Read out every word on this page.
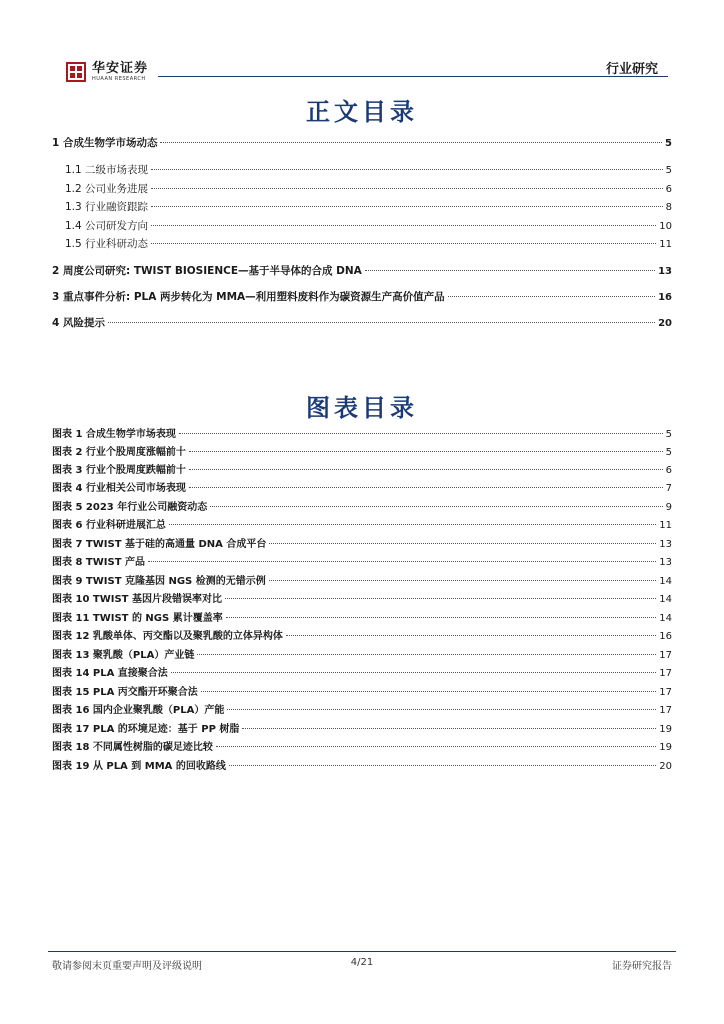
华安证券
HUAAN RESEARCH
行业研究
正文目录
1 合成生物学市场动态	5
1.1 二级市场表现	5
1.2 公司业务进展	6
1.3 行业融资跟踪	8
1.4 公司研发方向	10
1.5 行业科研动态	11
2 周度公司研究: TWIST BIOSIENCE—基于半导体的合成 DNA	13
3 重点事件分析: PLA 两步转化为 MMA—利用塑料废料作为碳资源生产高价值产品	16
4 风险提示	20
图表目录
图表 1 合成生物学市场表现	5
图表 2 行业个股周度涨幅前十	5
图表 3 行业个股周度跌幅前十	6
图表 4 行业相关公司市场表现	7
图表 5 2023 年行业公司融资动态	9
图表 6 行业科研进展汇总	11
图表 7 TWIST 基于硅的高通量 DNA 合成平台	13
图表 8 TWIST 产品	13
图表 9 TWIST 克隆基因 NGS 检测的无错示例	14
图表 10 TWIST 基因片段错误率对比	14
图表 11 TWIST 的 NGS 累计覆盖率	14
图表 12 乳酸单体、丙交酯以及聚乳酸的立体异构体	16
图表 13 聚乳酸（PLA）产业链	17
图表 14 PLA 直接聚合法	17
图表 15 PLA 丙交酯开环聚合法	17
图表 16 国内企业聚乳酸（PLA）产能	17
图表 17 PLA 的环境足迹：基于 PP 树脂	19
图表 18 不同属性树脂的碳足迹比较	19
图表 19 从 PLA 到 MMA 的回收路线	20
敬请参阅末页重要声明及评级说明	4/21	证券研究报告
